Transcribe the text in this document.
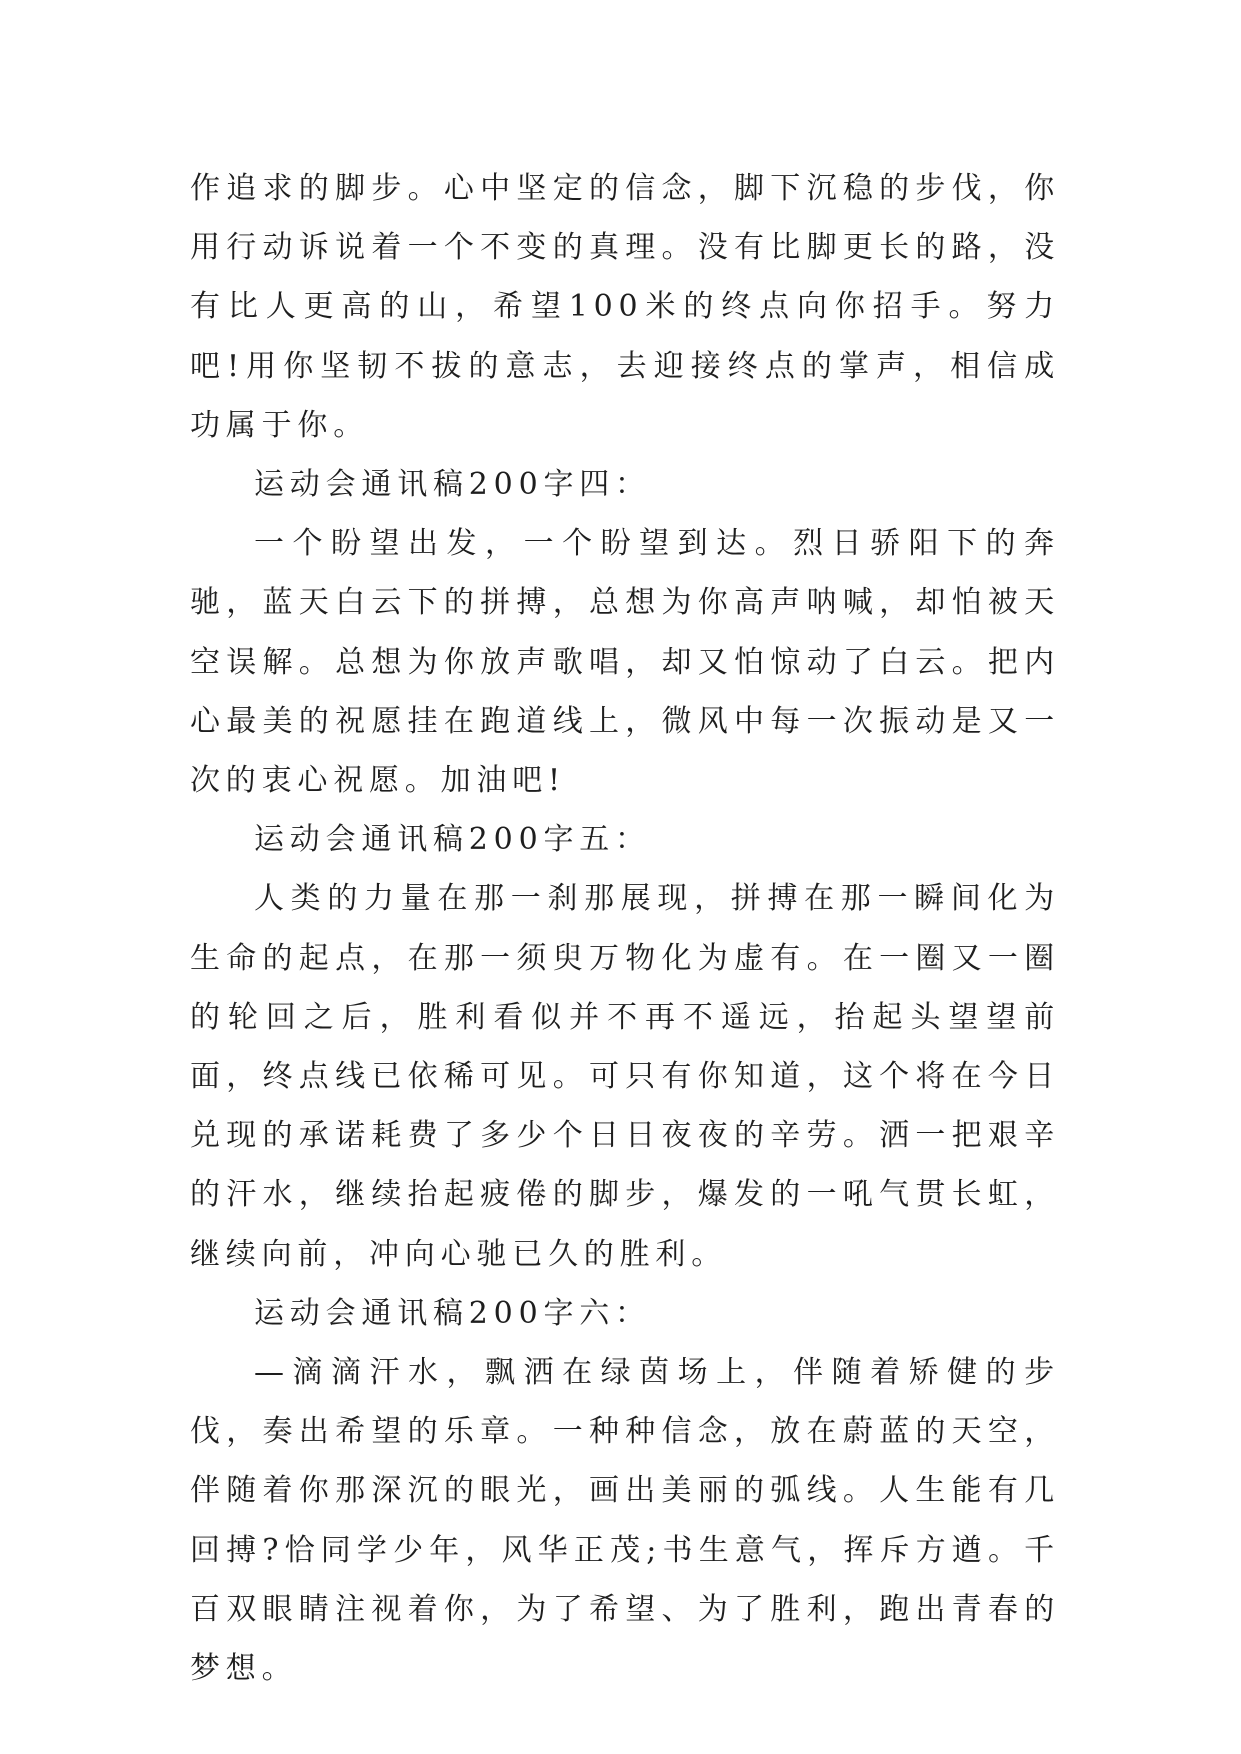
作追求的脚步。心中坚定的信念，脚下沉稳的步伐，你用行动诉说着一个不变的真理。没有比脚更长的路，没有比人更高的山，希望100米的终点向你招手。努力吧!用你坚韧不拔的意志，去迎接终点的掌声，相信成功属于你。

运动会通讯稿200字四：

一个盼望出发，一个盼望到达。烈日骄阳下的奔驰，蓝天白云下的拼搏，总想为你高声呐喊，却怕被天空误解。总想为你放声歌唱，却又怕惊动了白云。把内心最美的祝愿挂在跑道线上，微风中每一次振动是又一次的衷心祝愿。加油吧!

运动会通讯稿200字五：

人类的力量在那一刹那展现，拼搏在那一瞬间化为生命的起点，在那一须臾万物化为虚有。在一圈又一圈的轮回之后，胜利看似并不再不遥远，抬起头望望前面，终点线已依稀可见。可只有你知道，这个将在今日兑现的承诺耗费了多少个日日夜夜的辛劳。洒一把艰辛的汗水，继续抬起疲倦的脚步，爆发的一吼气贯长虹，继续向前，冲向心驰已久的胜利。

运动会通讯稿200字六：

—滴滴汗水，飘洒在绿茵场上，伴随着矫健的步伐，奏出希望的乐章。一种种信念，放在蔚蓝的天空，伴随着你那深沉的眼光，画出美丽的弧线。人生能有几回搏?恰同学少年，风华正茂;书生意气，挥斥方遒。千百双眼睛注视着你，为了希望、为了胜利，跑出青春的梦想。
